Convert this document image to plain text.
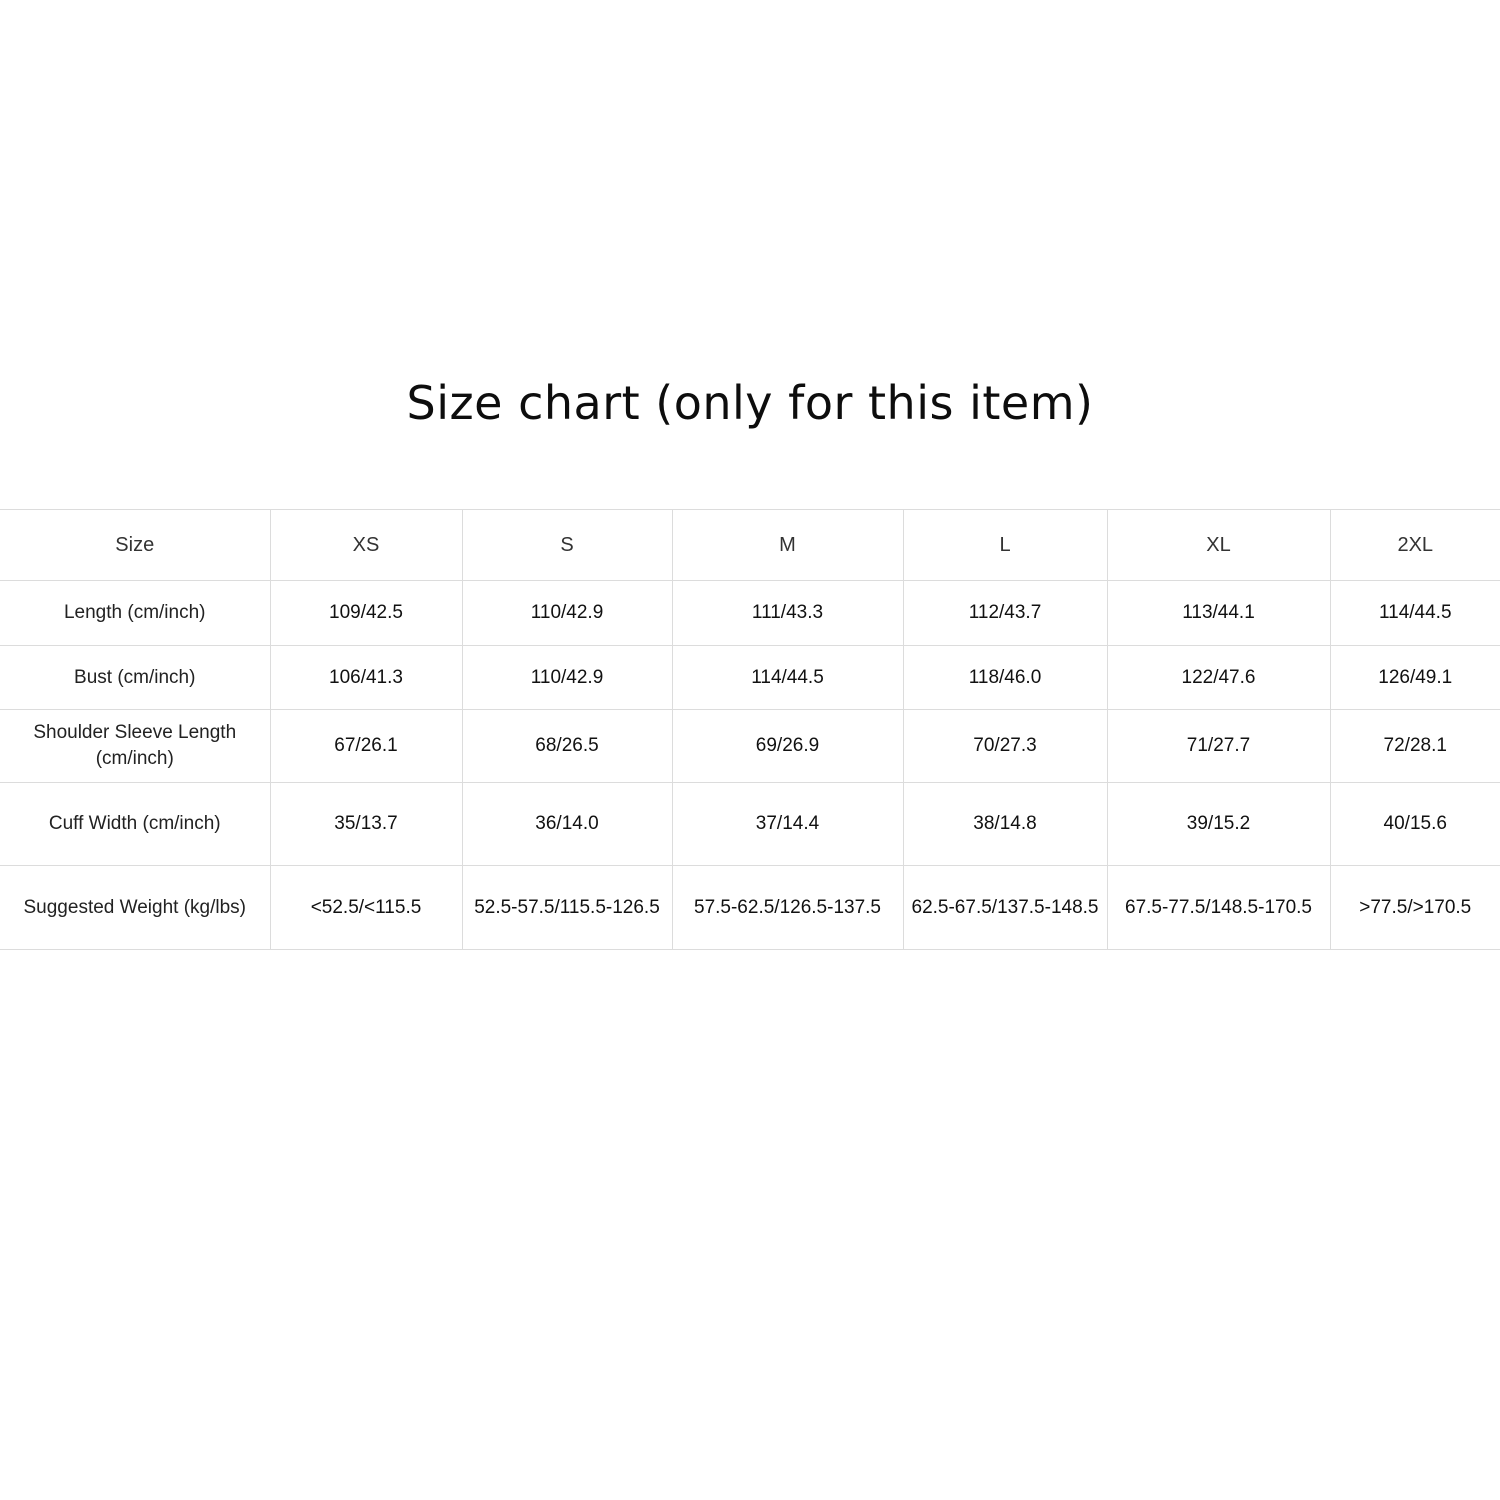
Size chart (only for this item)
Size	XS	S	M	L	XL	2XL
Length (cm/inch)	109/42.5	110/42.9	111/43.3	112/43.7	113/44.1	114/44.5
Bust (cm/inch)	106/41.3	110/42.9	114/44.5	118/46.0	122/47.6	126/49.1
Shoulder Sleeve Length (cm/inch)	67/26.1	68/26.5	69/26.9	70/27.3	71/27.7	72/28.1
Cuff Width (cm/inch)	35/13.7	36/14.0	37/14.4	38/14.8	39/15.2	40/15.6
Suggested Weight (kg/lbs)	<52.5/<115.5	52.5-57.5/115.5-126.5	57.5-62.5/126.5-137.5	62.5-67.5/137.5-148.5	67.5-77.5/148.5-170.5	>77.5/>170.5
